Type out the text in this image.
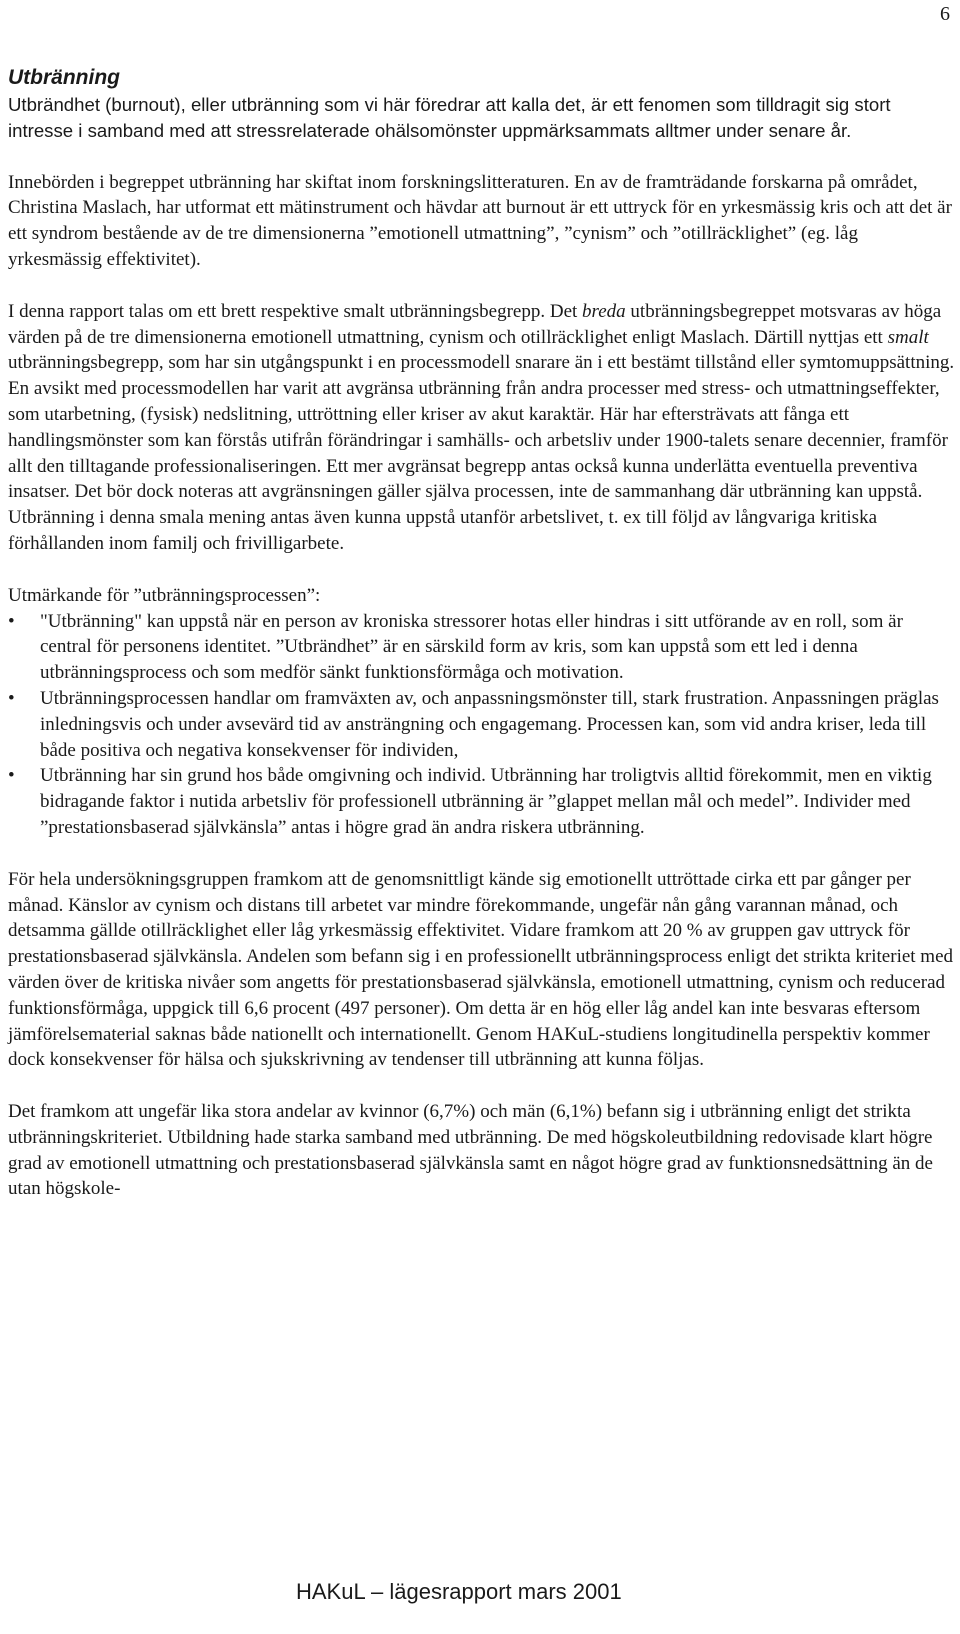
6
Utbränning

Utbrändhet (burnout), eller utbränning som vi här föredrar att kalla det, är ett fenomen som tilldragit sig stort intresse i samband med att stressrelaterade ohälsomönster uppmärksammats alltmer under senare år.

Innebörden i begreppet utbränning har skiftat inom forskningslitteraturen. En av de framträdande forskarna på området, Christina Maslach, har utformat ett mätinstrument och hävdar att burnout är ett uttryck för en yrkesmässig kris och att det är ett syndrom bestående av de tre dimensionerna ”emotionell utmattning”, ”cynism” och ”otillräcklighet” (eg. låg yrkesmässig effektivitet).

I denna rapport talas om ett brett respektive smalt utbränningsbegrepp. Det breda utbränningsbegreppet motsvaras av höga värden på de tre dimensionerna emotionell utmattning, cynism och otillräcklighet enligt Maslach. Därtill nyttjas ett smalt utbränningsbegrepp, som har sin utgångspunkt i en processmodell snarare än i ett bestämt tillstånd eller symtomuppsättning. En avsikt med processmodellen har varit att avgränsa utbränning från andra processer med stress- och utmattningseffekter, som utarbetning, (fysisk) nedslitning, uttröttning eller kriser av akut karaktär. Här har eftersträvats att fånga ett handlingsmönster som kan förstås utifrån förändringar i samhälls- och arbetsliv under 1900-talets senare decennier, framför allt den tilltagande professionaliseringen. Ett mer avgränsat begrepp antas också kunna underlätta eventuella preventiva insatser. Det bör dock noteras att avgränsningen gäller själva processen, inte de sammanhang där utbränning kan uppstå. Utbränning i denna smala mening antas även kunna uppstå utanför arbetslivet, t. ex till följd av långvariga kritiska förhållanden inom familj och frivilligarbete.

Utmärkande för ”utbränningsprocessen”:

• "Utbränning" kan uppstå när en person av kroniska stressorer hotas eller hindras i sitt utförande av en roll, som är central för personens identitet. ”Utbrändhet” är en särskild form av kris, som kan uppstå som ett led i denna utbränningsprocess och som medför sänkt funktionsförmåga och motivation.
• Utbränningsprocessen handlar om framväxten av, och anpassningsmönster till, stark frustration. Anpassningen präglas inledningsvis och under avsevärd tid av ansträngning och engagemang. Processen kan, som vid andra kriser, leda till både positiva och negativa konsekvenser för individen,
• Utbränning har sin grund hos både omgivning och individ. Utbränning har troligtvis alltid förekommit, men en viktig bidragande faktor i nutida arbetsliv för professionell utbränning är ”glappet mellan mål och medel”. Individer med ”prestationsbaserad självkänsla” antas i högre grad än andra riskera utbränning.

För hela undersökningsgruppen framkom att de genomsnittligt kände sig emotionellt uttröttade cirka ett par gånger per månad. Känslor av cynism och distans till arbetet var mindre förekommande, ungefär nån gång varannan månad, och detsamma gällde otillräcklighet eller låg yrkesmässig effektivitet. Vidare framkom att 20 % av gruppen gav uttryck för prestationsbaserad självkänsla. Andelen som befann sig i en professionellt utbränningsprocess enligt det strikta kriteriet med värden över de kritiska nivåer som angetts för prestationsbaserad självkänsla, emotionell utmattning, cynism och reducerad funktionsförmåga, uppgick till 6,6 procent (497 personer). Om detta är en hög eller låg andel kan inte besvaras eftersom jämförelsematerial saknas både nationellt och internationellt. Genom HAKuL-studiens longitudinella perspektiv kommer dock konsekvenser för hälsa och sjukskrivning av tendenser till utbränning att kunna följas.

Det framkom att ungefär lika stora andelar av kvinnor (6,7%) och män (6,1%) befann sig i utbränning enligt det strikta utbränningskriteriet. Utbildning hade starka samband med utbränning. De med högskoleutbildning redovisade klart högre grad av emotionell utmattning och prestationsbaserad självkänsla samt en något högre grad av funktionsnedsättning än de utan högskole-

HAKuL – lägesrapport mars 2001
